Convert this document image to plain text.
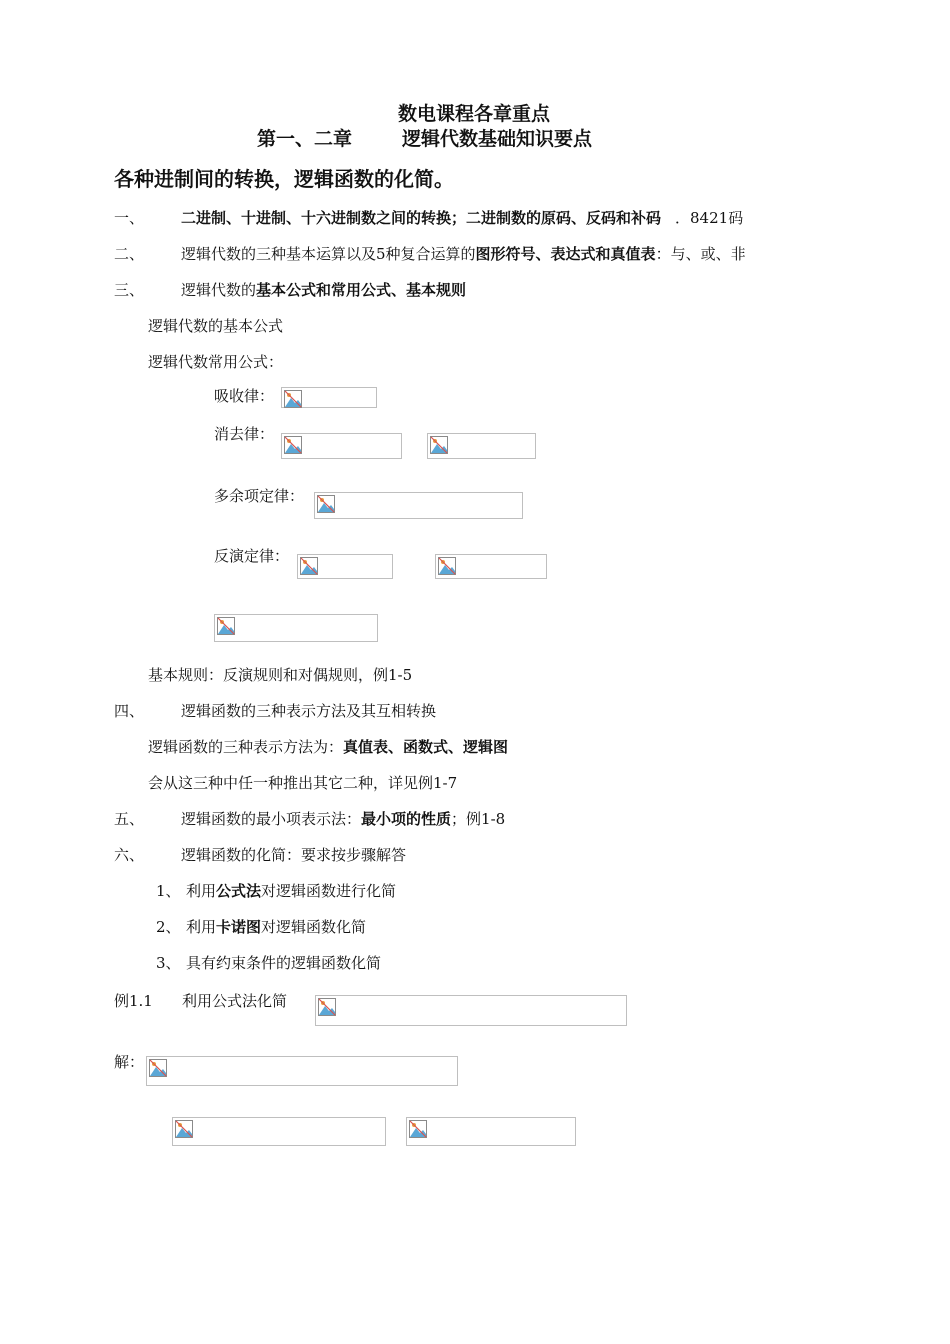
数电课程各章重点
第一、二章	逻辑代数基础知识要点
各种进制间的转换，逻辑函数的化简。
一、 二进制、十进制、十六进制数之间的转换；二进制数的原码、反码和补码 ．8421码
二、 逻辑代数的三种基本运算以及5种复合运算的图形符号、表达式和真值表：与、或、非
三、 逻辑代数的基本公式和常用公式、基本规则
逻辑代数的基本公式
逻辑代数常用公式：
吸收律：
消去律：
多余项定律：
反演定律：
基本规则：反演规则和对偶规则，例1-5
四、 逻辑函数的三种表示方法及其互相转换
逻辑函数的三种表示方法为：真值表、函数式、逻辑图
会从这三种中任一种推出其它二种，详见例1-7
五、 逻辑函数的最小项表示法：最小项的性质；例1-8
六、 逻辑函数的化简：要求按步骤解答
1、 利用公式法对逻辑函数进行化简
2、 利用卡诺图对逻辑函数化简
3、 具有约束条件的逻辑函数化简
例1.1 利用公式法化简
解：
